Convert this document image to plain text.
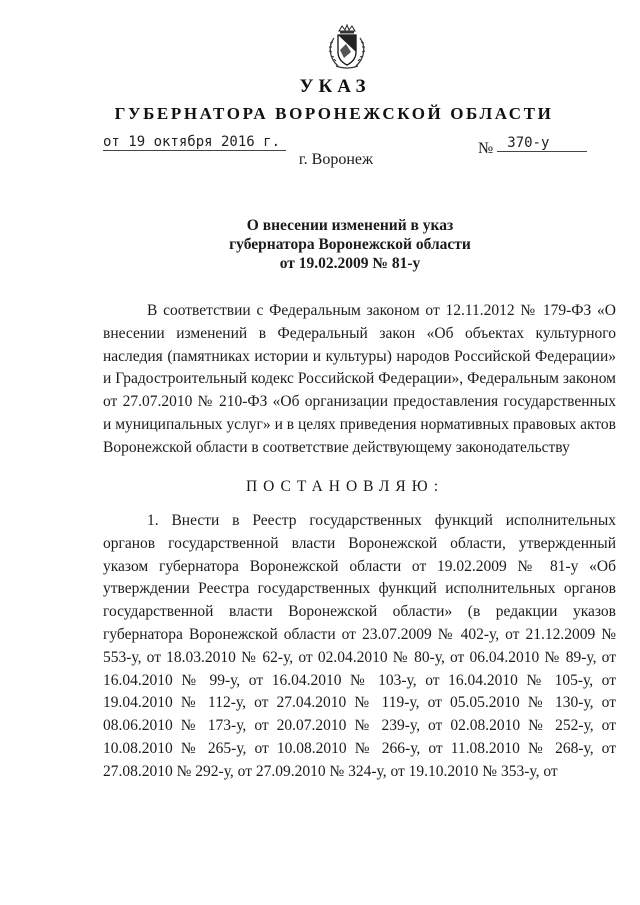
УКАЗ
ГУБЕРНАТОРА ВОРОНЕЖСКОЙ ОБЛАСТИ
от 19 октября 2016 г.	№ 370-у
г. Воронеж
О внесении изменений в указ
губернатора Воронежской области
от 19.02.2009 № 81-у
В соответствии с Федеральным законом от 12.11.2012 № 179-ФЗ «О внесении изменений в Федеральный закон «Об объектах культурного наследия (памятниках истории и культуры) народов Российской Федерации» и Градостроительный кодекс Российской Федерации», Федеральным законом от 27.07.2010 № 210-ФЗ «Об организации предоставления государственных и муниципальных услуг» и в целях приведения нормативных правовых актов Воронежской области в соответствие действующему законодательству
ПОСТАНОВЛЯЮ:
1. Внести в Реестр государственных функций исполнительных органов государственной власти Воронежской области, утвержденный указом губернатора Воронежской области от 19.02.2009 № 81-у «Об утверждении Реестра государственных функций исполнительных органов государственной власти Воронежской области» (в редакции указов губернатора Воронежской области от 23.07.2009 № 402-у, от 21.12.2009 № 553-у, от 18.03.2010 № 62-у, от 02.04.2010 № 80-у, от 06.04.2010 № 89-у, от 16.04.2010 № 99-у, от 16.04.2010 № 103-у, от 16.04.2010 № 105-у, от 19.04.2010 № 112-у, от 27.04.2010 № 119-у, от 05.05.2010 № 130-у, от 08.06.2010 № 173-у, от 20.07.2010 № 239-у, от 02.08.2010 № 252-у, от 10.08.2010 № 265-у, от 10.08.2010 № 266-у, от 11.08.2010 № 268-у, от 27.08.2010 № 292-у, от 27.09.2010 № 324-у, от 19.10.2010 № 353-у, от
